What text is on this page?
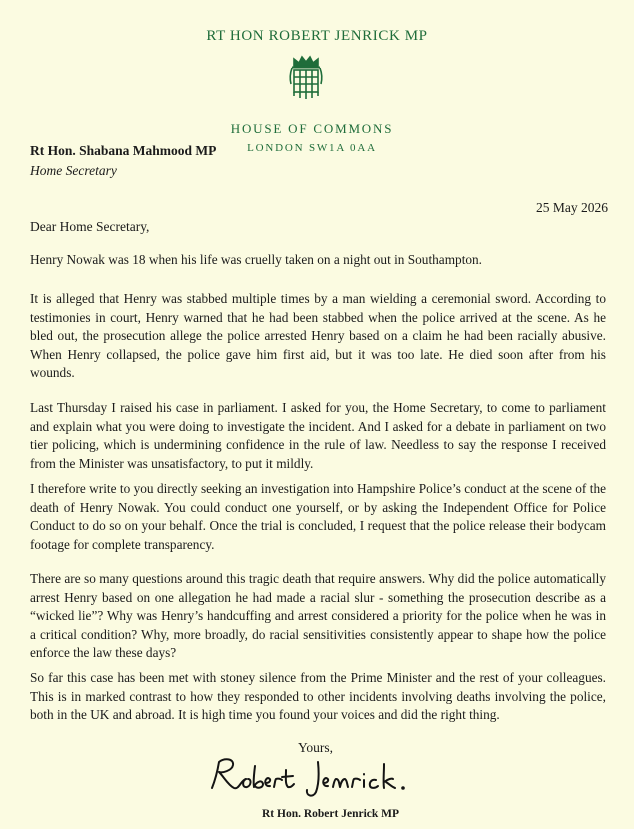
RT HON ROBERT JENRICK MP
HOUSE OF COMMONS
LONDON SW1A 0AA
Rt Hon. Shabana Mahmood MP
Home Secretary
25 May 2026
Dear Home Secretary,

Henry Nowak was 18 when his life was cruelly taken on a night out in Southampton.

It is alleged that Henry was stabbed multiple times by a man wielding a ceremonial sword. According to testimonies in court, Henry warned that he had been stabbed when the police arrived at the scene. As he bled out, the prosecution allege the police arrested Henry based on a claim he had been racially abusive. When Henry collapsed, the police gave him first aid, but it was too late. He died soon after from his wounds.

Last Thursday I raised his case in parliament. I asked for you, the Home Secretary, to come to parliament and explain what you were doing to investigate the incident. And I asked for a debate in parliament on two tier policing, which is undermining confidence in the rule of law. Needless to say the response I received from the Minister was unsatisfactory, to put it mildly.

I therefore write to you directly seeking an investigation into Hampshire Police’s conduct at the scene of the death of Henry Nowak. You could conduct one yourself, or by asking the Independent Office for Police Conduct to do so on your behalf. Once the trial is concluded, I request that the police release their bodycam footage for complete transparency.

There are so many questions around this tragic death that require answers. Why did the police automatically arrest Henry based on one allegation he had made a racial slur - something the prosecution describe as a “wicked lie”? Why was Henry’s handcuffing and arrest considered a priority for the police when he was in a critical condition? Why, more broadly, do racial sensitivities consistently appear to shape how the police enforce the law these days?

So far this case has been met with stoney silence from the Prime Minister and the rest of your colleagues. This is in marked contrast to how they responded to other incidents involving deaths involving the police, both in the UK and abroad. It is high time you found your voices and did the right thing.

Yours,
Rt Hon. Robert Jenrick MP
